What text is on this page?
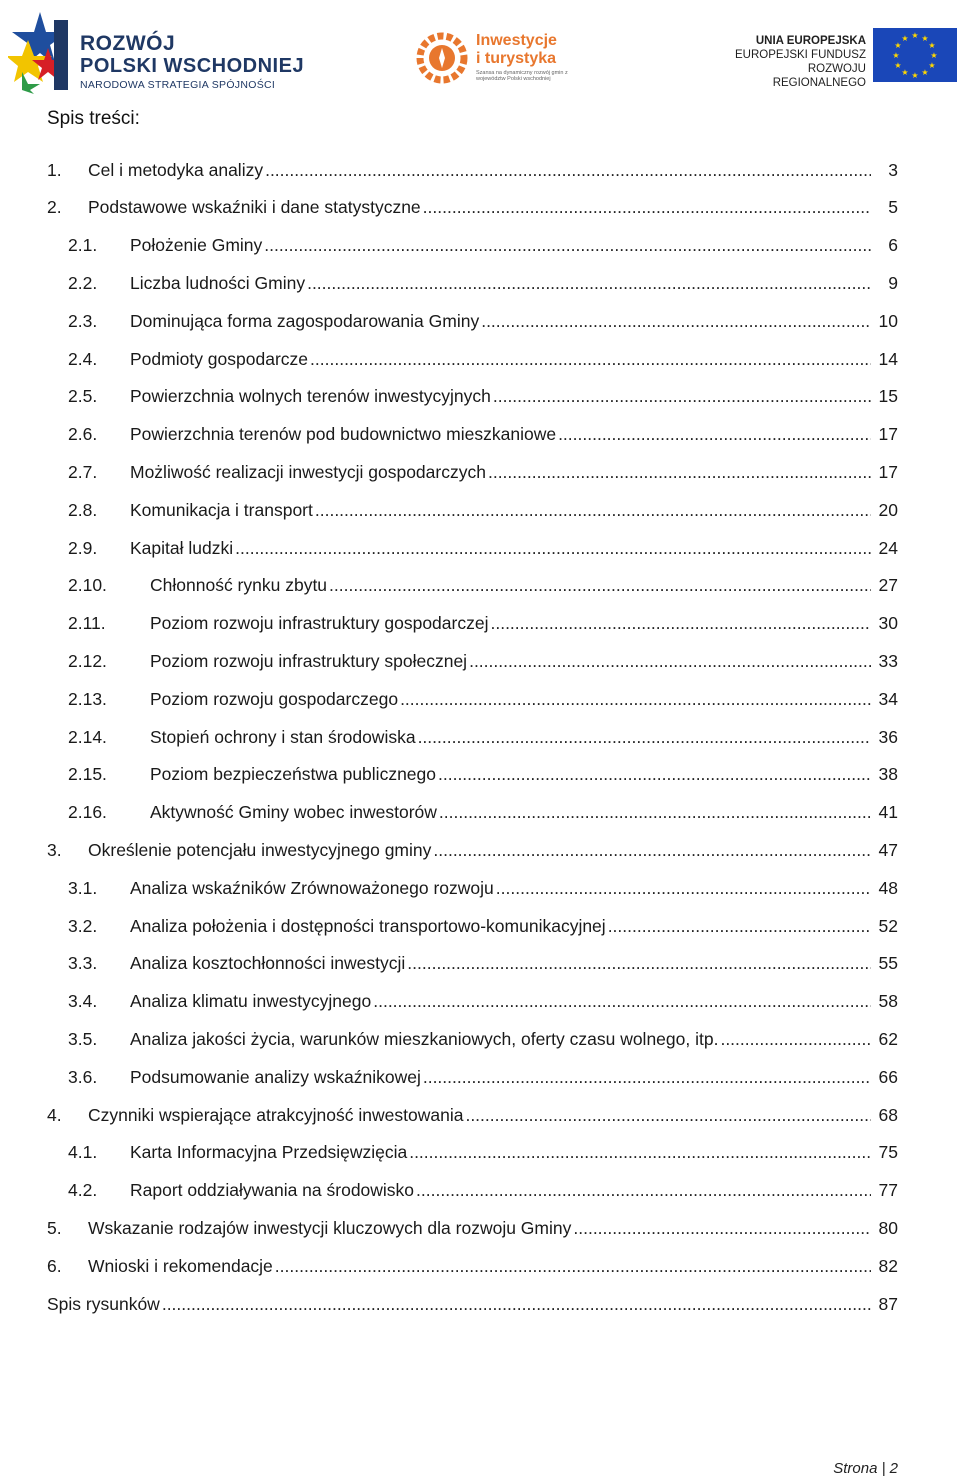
ROZWÓJ
POLSKI WSCHODNIEJ
NARODOWA STRATEGIA SPÓJNOŚCI
Inwestycje
i turystyka
Szansa na dynamiczny rozwój gmin z województw Polski wschodniej
UNIA EUROPEJSKA
EUROPEJSKI FUNDUSZ
ROZWOJU REGIONALNEGO
★ ★
★
★
★
★
★
★
★
★
★
★
Spis treści:
1. Cel i metodyka analizy .....	3
2. Podstawowe wskaźniki i dane statystyczne .....	5
2.1. Położenie Gminy .....	6
2.2. Liczba ludności Gminy .....	9
2.3. Dominująca forma zagospodarowania Gminy .....	10
2.4. Podmioty gospodarcze .....	14
2.5. Powierzchnia wolnych terenów inwestycyjnych .....	15
2.6. Powierzchnia terenów pod budownictwo mieszkaniowe .....	17
2.7. Możliwość realizacji inwestycji gospodarczych .....	17
2.8. Komunikacja i transport .....	20
2.9. Kapitał ludzki .....	24
2.10. Chłonność rynku zbytu .....	27
2.11.	Poziom rozwoju infrastruktury gospodarczej .....	30
2.12. Poziom rozwoju infrastruktury społecznej .....	33
2.13. Poziom rozwoju gospodarczego .....	34
2.14. Stopień ochrony i stan środowiska .....	36
2.15. Poziom bezpieczeństwa publicznego .....	38
2.16. Aktywność Gminy wobec inwestorów .....	41
3. Określenie potencjału inwestycyjnego gminy .....	47
3.1. Analiza wskaźników Zrównoważonego rozwoju .....	48
3.2. Analiza położenia i dostępności transportowo-komunikacyjnej .....	52
3.3. Analiza kosztochłonności inwestycji .....	55
3.4. Analiza klimatu inwestycyjnego .....	58
3.5. Analiza jakości życia, warunków mieszkaniowych, oferty czasu wolnego, itp. .....	62
3.6. Podsumowanie analizy wskaźnikowej .....	66
4. Czynniki wspierające atrakcyjność inwestowania .....	68
4.1. Karta Informacyjna Przedsięwzięcia .....	75
4.2. Raport oddziaływania na środowisko .....	77
5. Wskazanie rodzajów inwestycji kluczowych dla rozwoju Gminy .....	80
6. Wnioski i rekomendacje .....	82
Spis rysunków .....	87
Strona | 2
